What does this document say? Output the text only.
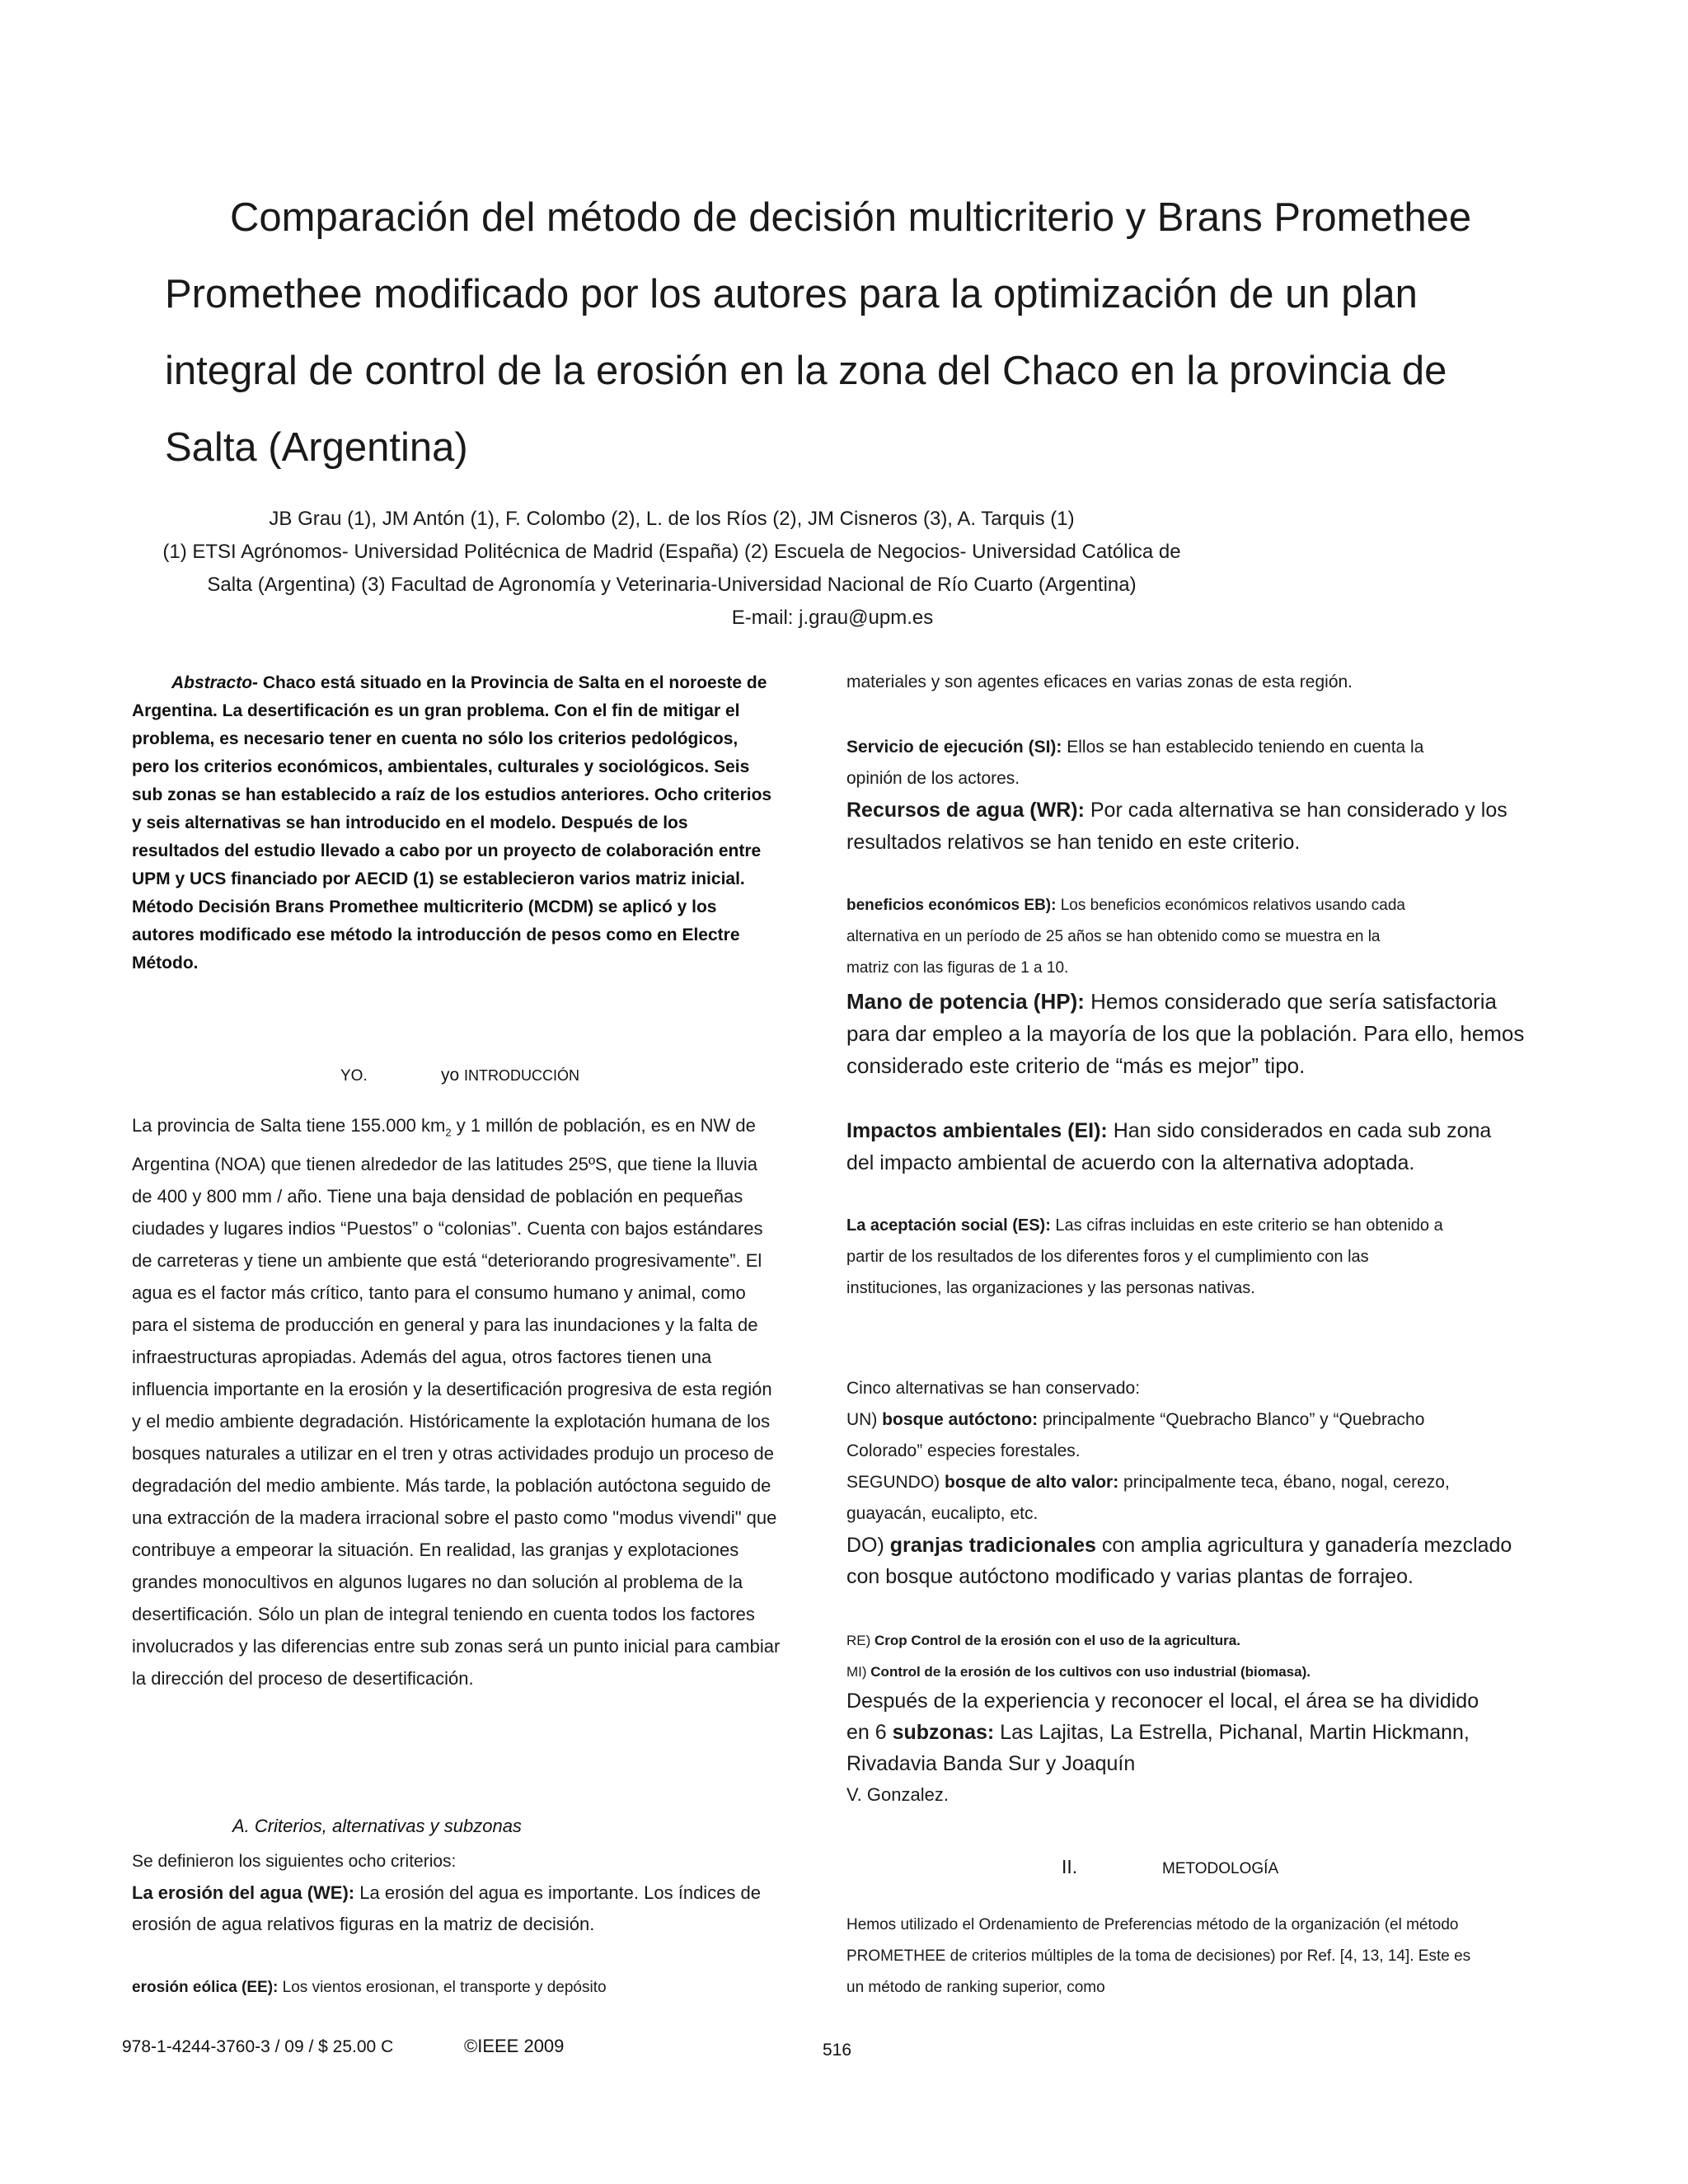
Comparación del método de decisión multicriterio y Brans Promethee
Promethee modificado por los autores para la optimización de un plan
integral de control de la erosión en la zona del Chaco en la provincia de
Salta (Argentina)
JB Grau (1), JM Antón (1), F. Colombo (2), L. de los Ríos (2), JM Cisneros (3), A. Tarquis (1)
(1) ETSI Agrónomos- Universidad Politécnica de Madrid (España) (2) Escuela de Negocios- Universidad Católica de
Salta (Argentina) (3) Facultad de Agronomía y Veterinaria-Universidad Nacional de Río Cuarto (Argentina)
E-mail: j.grau@upm.es
Abstracto- Chaco está situado en la Provincia de Salta en el noroeste de
Argentina. La desertificación es un gran problema. Con el fin de mitigar el
problema, es necesario tener en cuenta no sólo los criterios pedológicos,
pero los criterios económicos, ambientales, culturales y sociológicos. Seis
sub zonas se han establecido a raíz de los estudios anteriores. Ocho criterios
y seis alternativas se han introducido en el modelo. Después de los
resultados del estudio llevado a cabo por un proyecto de colaboración entre
UPM y UCS financiado por AECID (1) se establecieron varios matriz inicial.
Método Decisión Brans Promethee multicriterio (MCDM) se aplicó y los
autores modificado ese método la introducción de pesos como en Electre
Método.
YO.	yo INTRODUCCIÓN

La provincia de Salta tiene 155.000 $km_2$ y 1 millón de población, es en NW de

Argentina (NOA) que tienen alrededor de las latitudes 25ºS, que tiene la lluvia

de 400 y 800 mm / año. Tiene una baja densidad de población en pequeñas

ciudades y lugares indios “Puestos” o “colonias”. Cuenta con bajos estándares

de carreteras y tiene un ambiente que está “deteriorando progresivamente”. El

agua es el factor más crítico, tanto para el consumo humano y animal, como

para el sistema de producción en general y para las inundaciones y la falta de

infraestructuras apropiadas. Además del agua, otros factores tienen una

influencia importante en la erosión y la desertificación progresiva de esta región

y el medio ambiente degradación. Históricamente la explotación humana de los

bosques naturales a utilizar en el tren y otras actividades produjo un proceso de

degradación del medio ambiente. Más tarde, la población autóctona seguido de

una extracción de la madera irracional sobre el pasto como "modus vivendi" que

contribuye a empeorar la situación. En realidad, las granjas y explotaciones

grandes monocultivos en algunos lugares no dan solución al problema de la

desertificación. Sólo un plan de integral teniendo en cuenta todos los factores

involucrados y las diferencias entre sub zonas será un punto inicial para cambiar

la dirección del proceso de desertificación.

A. Criterios, alternativas y subzonas

Se definieron los siguientes ocho criterios:

La erosión del agua (WE): La erosión del agua es importante. Los índices de

erosión de agua relativos figuras en la matriz de decisión.

erosión eólica (EE): Los vientos erosionan, el transporte y depósito

materiales y son agentes eficaces en varias zonas de esta región.

Servicio de ejecución (SI): Ellos se han establecido teniendo en cuenta la

opinión de los actores.

Recursos de agua (WR): Por cada alternativa se han considerado y los

resultados relativos se han tenido en este criterio.

beneficios económicos EB): Los beneficios económicos relativos usando cada

alternativa en un período de 25 años se han obtenido como se muestra en la

matriz con las figuras de 1 a 10.

Mano de potencia (HP): Hemos considerado que sería satisfactoria

para dar empleo a la mayoría de los que la población. Para ello, hemos

considerado este criterio de “más es mejor” tipo.

Impactos ambientales (EI): Han sido considerados en cada sub zona

del impacto ambiental de acuerdo con la alternativa adoptada.

La aceptación social (ES): Las cifras incluidas en este criterio se han obtenido a

partir de los resultados de los diferentes foros y el cumplimiento con las

instituciones, las organizaciones y las personas nativas.

Cinco alternativas se han conservado:

UN) bosque autóctono: principalmente “Quebracho Blanco” y “Quebracho

Colorado” especies forestales.

SEGUNDO) bosque de alto valor: principalmente teca, ébano, nogal, cerezo,

guayacán, eucalipto, etc.

DO) granjas tradicionales con amplia agricultura y ganadería mezclado

con bosque autóctono modificado y varias plantas de forrajeo.

RE) Crop Control de la erosión con el uso de la agricultura.

MI) Control de la erosión de los cultivos con uso industrial (biomasa).

Después de la experiencia y reconocer el local, el área se ha dividido

en 6 subzonas: Las Lajitas, La Estrella, Pichanal, Martin Hickmann,

Rivadavia Banda Sur y Joaquín

V. Gonzalez.

II.	METODOLOGÍA

Hemos utilizado el Ordenamiento de Preferencias método de la organización (el método

PROMETHEE de criterios múltiples de la toma de decisiones) por Ref. [4, 13, 14]. Este es

un método de ranking superior, como

978-1-4244-3760-3 / 09 / $ 25.00 C	©IEEE 2009	516
